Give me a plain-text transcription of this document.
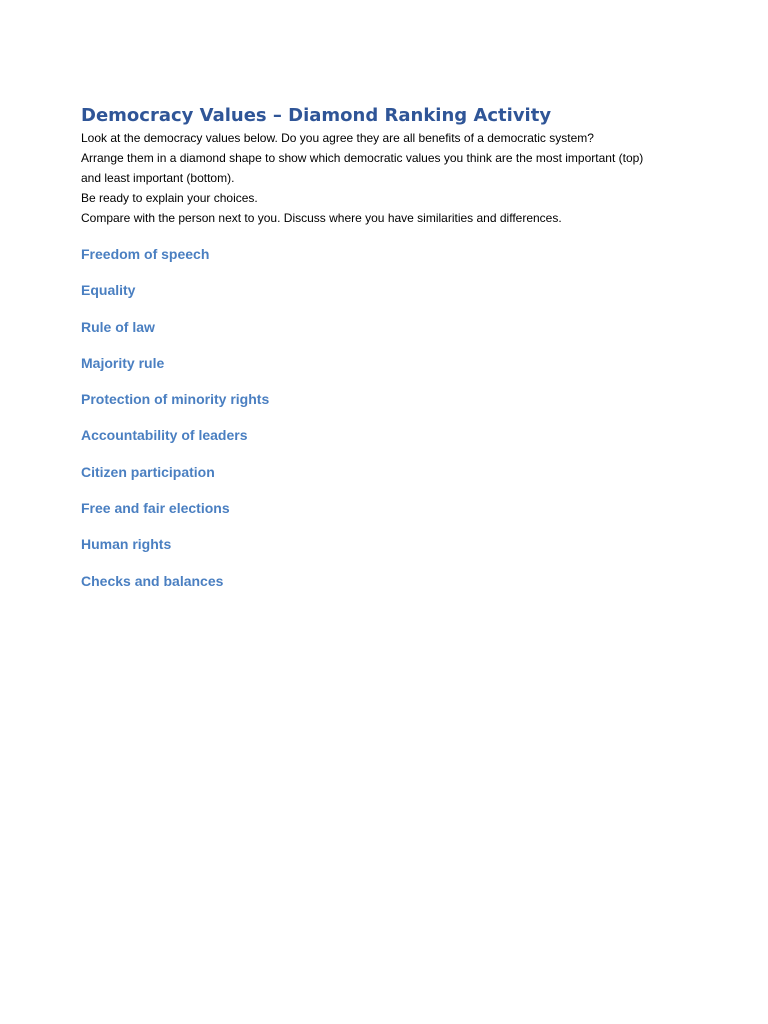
Democracy Values – Diamond Ranking Activity
Look at the democracy values below. Do you agree they are all benefits of a democratic system?
Arrange them in a diamond shape to show which democratic values you think are the most important (top)
and least important (bottom).
Be ready to explain your choices.
Compare with the person next to you. Discuss where you have similarities and differences.
Freedom of speech
Equality
Rule of law
Majority rule
Protection of minority rights
Accountability of leaders
Citizen participation
Free and fair elections
Human rights
Checks and balances
